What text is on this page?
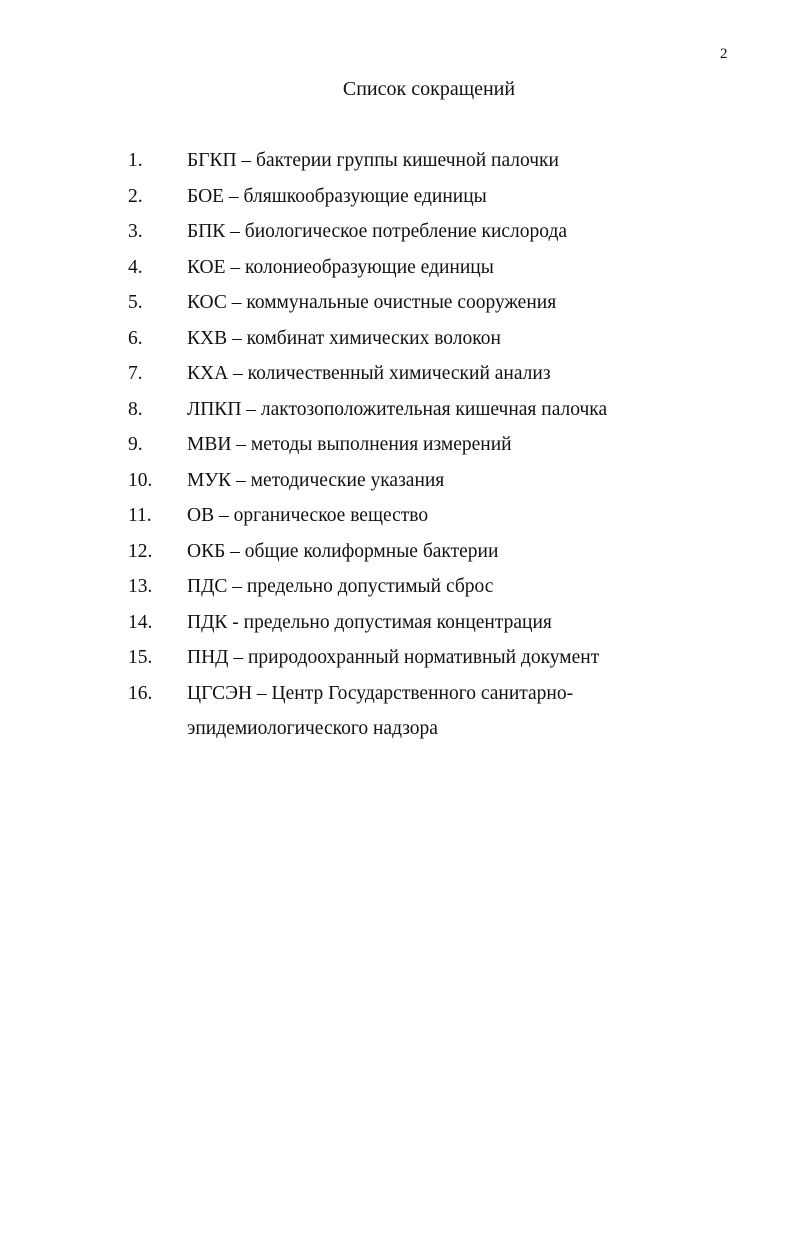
2
Список сокращений
1. БГКП – бактерии группы кишечной палочки
2. БОЕ – бляшкообразующие единицы
3. БПК – биологическое потребление кислорода
4. КОЕ – колониеобразующие единицы
5. КОС – коммунальные очистные сооружения
6. КХВ – комбинат химических волокон
7. КХА – количественный химический анализ
8. ЛПКП – лактозоположительная кишечная палочка
9. МВИ – методы выполнения измерений
10. МУК – методические указания
11. ОВ – органическое вещество
12. ОКБ – общие колиформные бактерии
13. ПДС – предельно допустимый сброс
14. ПДК - предельно допустимая концентрация
15. ПНД – природоохранный нормативный документ
16. ЦГСЭН – Центр Государственного санитарно-
эпидемиологического надзора
